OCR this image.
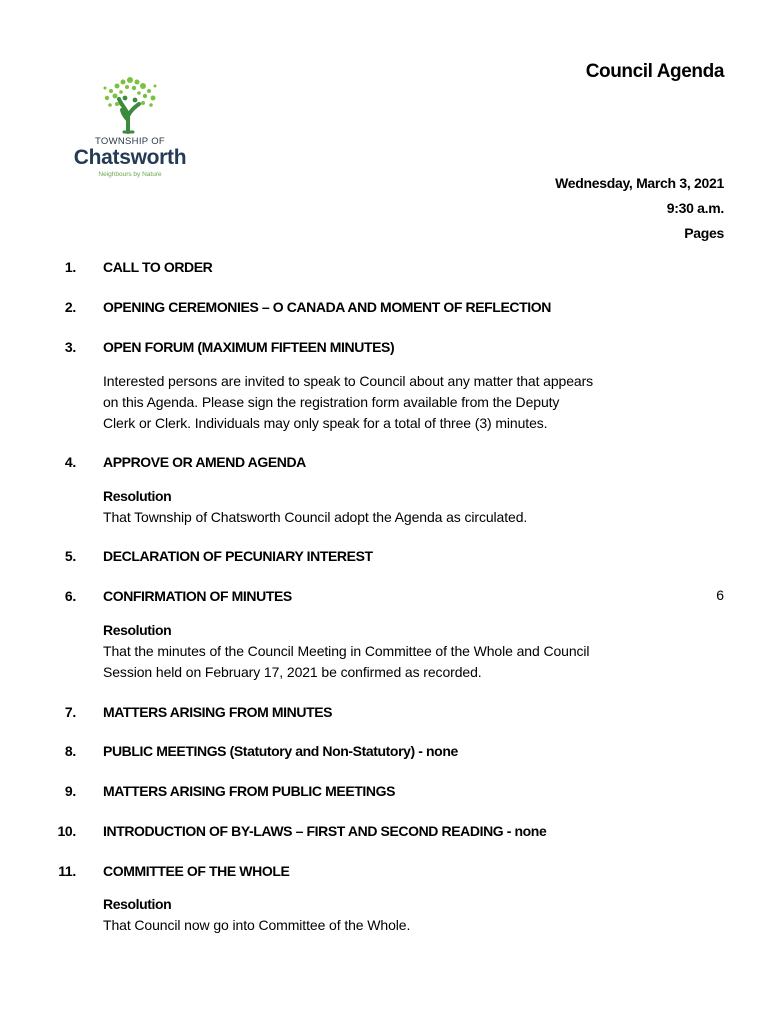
TOWNSHIP OF
Chatsworth
Neighbours by Nature
Council Agenda
Wednesday, March 3, 2021
9:30 a.m.
Pages
1. CALL TO ORDER
2. OPENING CEREMONIES – O CANADA AND MOMENT OF REFLECTION
3. OPEN FORUM (MAXIMUM FIFTEEN MINUTES)
Interested persons are invited to speak to Council about any matter that appears
on this Agenda. Please sign the registration form available from the Deputy
Clerk or Clerk. Individuals may only speak for a total of three (3) minutes.
4. APPROVE OR AMEND AGENDA
Resolution
That Township of Chatsworth Council adopt the Agenda as circulated.
5. DECLARATION OF PECUNIARY INTEREST
6. CONFIRMATION OF MINUTES	6
Resolution
That the minutes of the Council Meeting in Committee of the Whole and Council
Session held on February 17, 2021 be confirmed as recorded.
7. MATTERS ARISING FROM MINUTES
8. PUBLIC MEETINGS (Statutory and Non-Statutory) - none
9. MATTERS ARISING FROM PUBLIC MEETINGS
10. INTRODUCTION OF BY-LAWS – FIRST AND SECOND READING - none
11. COMMITTEE OF THE WHOLE
Resolution
That Council now go into Committee of the Whole.
